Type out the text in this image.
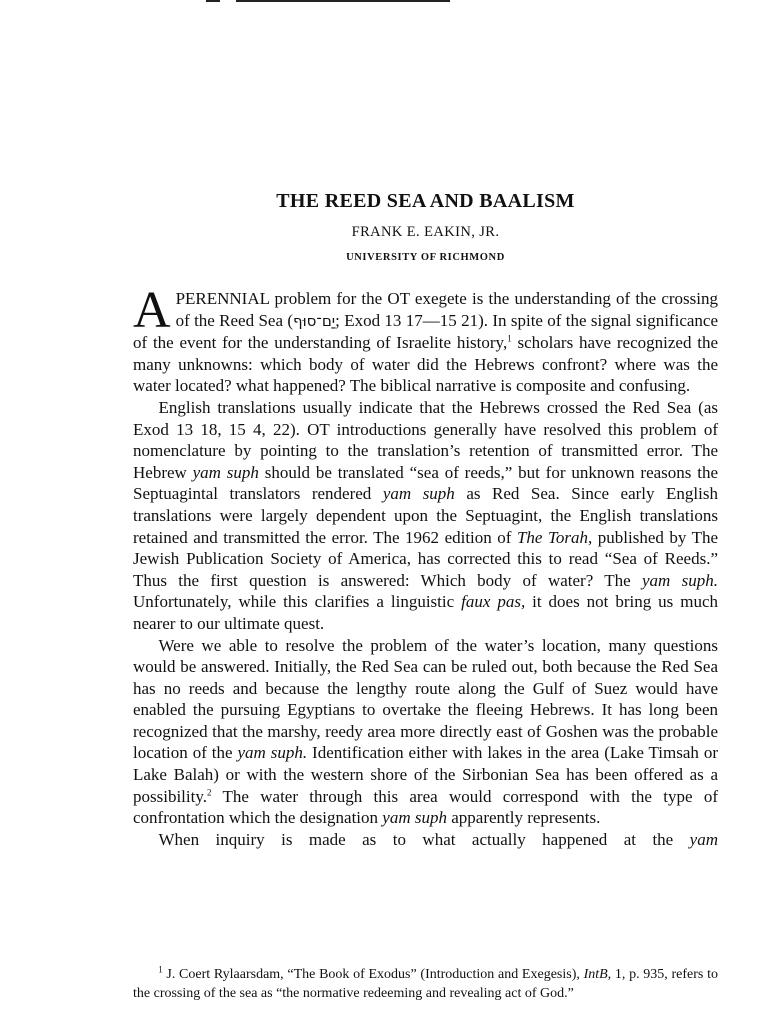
THE REED SEA AND BAALISM
FRANK E. EAKIN, JR.
UNIVERSITY OF RICHMOND

APERENNIAL problem for the OT exegete is the understanding of the crossing of the Reed Sea (יַם־סוּף; Exod 13 17—15 21). In spite of the signal significance of the event for the understanding of Israelite history,$^1$ scholars have recognized the many unknowns: which body of water did the Hebrews confront? where was the water located? what happened? The biblical narrative is composite and confusing.

English translations usually indicate that the Hebrews crossed the Red Sea (as Exod 13 18, 15 4, 22). OT introductions generally have resolved this problem of nomenclature by pointing to the translation’s retention of transmitted error. The Hebrew yam suph should be translated “sea of reeds,” but for unknown reasons the Septuagintal translators rendered yam suph as Red Sea. Since early English translations were largely dependent upon the Septuagint, the English translations retained and transmitted the error. The 1962 edition of The Torah, published by The Jewish Publication Society of America, has corrected this to read “Sea of Reeds.” Thus the first question is answered: Which body of water? The yam suph. Unfortunately, while this clarifies a linguistic faux pas, it does not bring us much nearer to our ultimate quest.

Were we able to resolve the problem of the water’s location, many questions would be answered. Initially, the Red Sea can be ruled out, both because the Red Sea has no reeds and because the lengthy route along the Gulf of Suez would have enabled the pursuing Egyptians to overtake the fleeing Hebrews. It has long been recognized that the marshy, reedy area more directly east of Goshen was the probable location of the yam suph. Identification either with lakes in the area (Lake Timsah or Lake Balah) or with the western shore of the Sirbonian Sea has been offered as a possibility.$^2$ The water through this area would correspond with the type of confrontation which the designation yam suph apparently represents.

When inquiry is made as to what actually happened at the yam

$^1$ J. Coert Rylaarsdam, “The Book of Exodus” (Introduction and Exegesis), IntB, 1, p. 935, refers to the crossing of the sea as “the normative redeeming and revealing act of God.”
